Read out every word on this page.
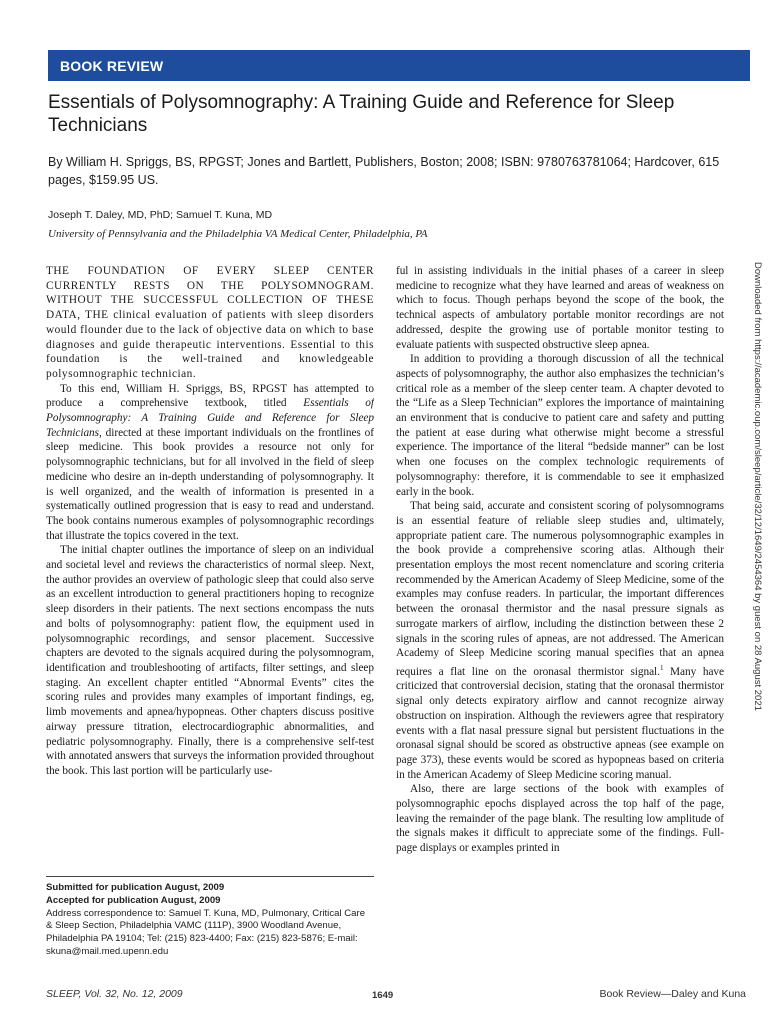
BOOK REVIEW
Essentials of Polysomnography: A Training Guide and Reference for Sleep Technicians
By William H. Spriggs, BS, RPGST; Jones and Bartlett, Publishers, Boston; 2008; ISBN: 9780763781064; Hardcover, 615 pages, $159.95 US.
Joseph T. Daley, MD, PhD; Samuel T. Kuna, MD
University of Pennsylvania and the Philadelphia VA Medical Center, Philadelphia, PA

THE FOUNDATION OF EVERY SLEEP CENTER CURRENTLY RESTS ON THE POLYSOMNOGRAM. WITHOUT THE SUCCESSFUL COLLECTION OF THESE DATA, THE clinical evaluation of patients with sleep disorders would flounder due to the lack of objective data on which to base diagnoses and guide therapeutic interventions. Essential to this foundation is the well-trained and knowledgeable polysomnographic technician.

To this end, William H. Spriggs, BS, RPGST has attempted to produce a comprehensive textbook, titled Essentials of Polysomnography: A Training Guide and Reference for Sleep Technicians, directed at these important individuals on the frontlines of sleep medicine. This book provides a resource not only for polysomnographic technicians, but for all involved in the field of sleep medicine who desire an in-depth understanding of polysomnography. It is well organized, and the wealth of information is presented in a systematically outlined progression that is easy to read and understand. The book contains numerous examples of polysomnographic recordings that illustrate the topics covered in the text.

The initial chapter outlines the importance of sleep on an individual and societal level and reviews the characteristics of normal sleep. Next, the author provides an overview of pathologic sleep that could also serve as an excellent introduction to general practitioners hoping to recognize sleep disorders in their patients. The next sections encompass the nuts and bolts of polysomnography: patient flow, the equipment used in polysomnographic recordings, and sensor placement. Successive chapters are devoted to the signals acquired during the polysomnogram, identification and troubleshooting of artifacts, filter settings, and sleep staging. An excellent chapter entitled “Abnormal Events” cites the scoring rules and provides many examples of important findings, eg, limb movements and apnea/hypopneas. Other chapters discuss positive airway pressure titration, electrocardiographic abnormalities, and pediatric polysomnography. Finally, there is a comprehensive self-test with annotated answers that surveys the information provided throughout the book. This last portion will be particularly use-

ful in assisting individuals in the initial phases of a career in sleep medicine to recognize what they have learned and areas of weakness on which to focus. Though perhaps beyond the scope of the book, the technical aspects of ambulatory portable monitor recordings are not addressed, despite the growing use of portable monitor testing to evaluate patients with suspected obstructive sleep apnea.

In addition to providing a thorough discussion of all the technical aspects of polysomnography, the author also emphasizes the technician’s critical role as a member of the sleep center team. A chapter devoted to the “Life as a Sleep Technician” explores the importance of maintaining an environment that is conducive to patient care and safety and putting the patient at ease during what otherwise might become a stressful experience. The importance of the literal “bedside manner” can be lost when one focuses on the complex technologic requirements of polysomnography: therefore, it is commendable to see it emphasized early in the book.

That being said, accurate and consistent scoring of polysomnograms is an essential feature of reliable sleep studies and, ultimately, appropriate patient care. The numerous polysomnographic examples in the book provide a comprehensive scoring atlas. Although their presentation employs the most recent nomenclature and scoring criteria recommended by the American Academy of Sleep Medicine, some of the examples may confuse readers. In particular, the important differences between the oronasal thermistor and the nasal pressure signals as surrogate markers of airflow, including the distinction between these 2 signals in the scoring rules of apneas, are not addressed. The American Academy of Sleep Medicine scoring manual specifies that an apnea requires a flat line on the oronasal thermistor signal.$^1$ Many have criticized that controversial decision, stating that the oronasal thermistor signal only detects expiratory airflow and cannot recognize airway obstruction on inspiration. Although the reviewers agree that respiratory events with a flat nasal pressure signal but persistent fluctuations in the oronasal signal should be scored as obstructive apneas (see example on page 373), these events would be scored as hypopneas based on criteria in the American Academy of Sleep Medicine scoring manual.

Also, there are large sections of the book with examples of polysomnographic epochs displayed across the top half of the page, leaving the remainder of the page blank. The resulting low amplitude of the signals makes it difficult to appreciate some of the findings. Full-page displays or examples printed in

Submitted for publication August, 2009
Accepted for publication August, 2009
Address correspondence to: Samuel T. Kuna, MD, Pulmonary, Critical Care & Sleep Section, Philadelphia VAMC (111P), 3900 Woodland Avenue, Philadelphia PA 19104; Tel: (215) 823-4400; Fax: (215) 823-5876; E-mail: skuna@mail.med.upenn.edu
SLEEP, Vol. 32, No. 12, 2009	1649	Book Review—Daley and Kuna
Downloaded from https://academic.oup.com/sleep/article/32/12/1649/2454364 by guest on 28 August 2021
